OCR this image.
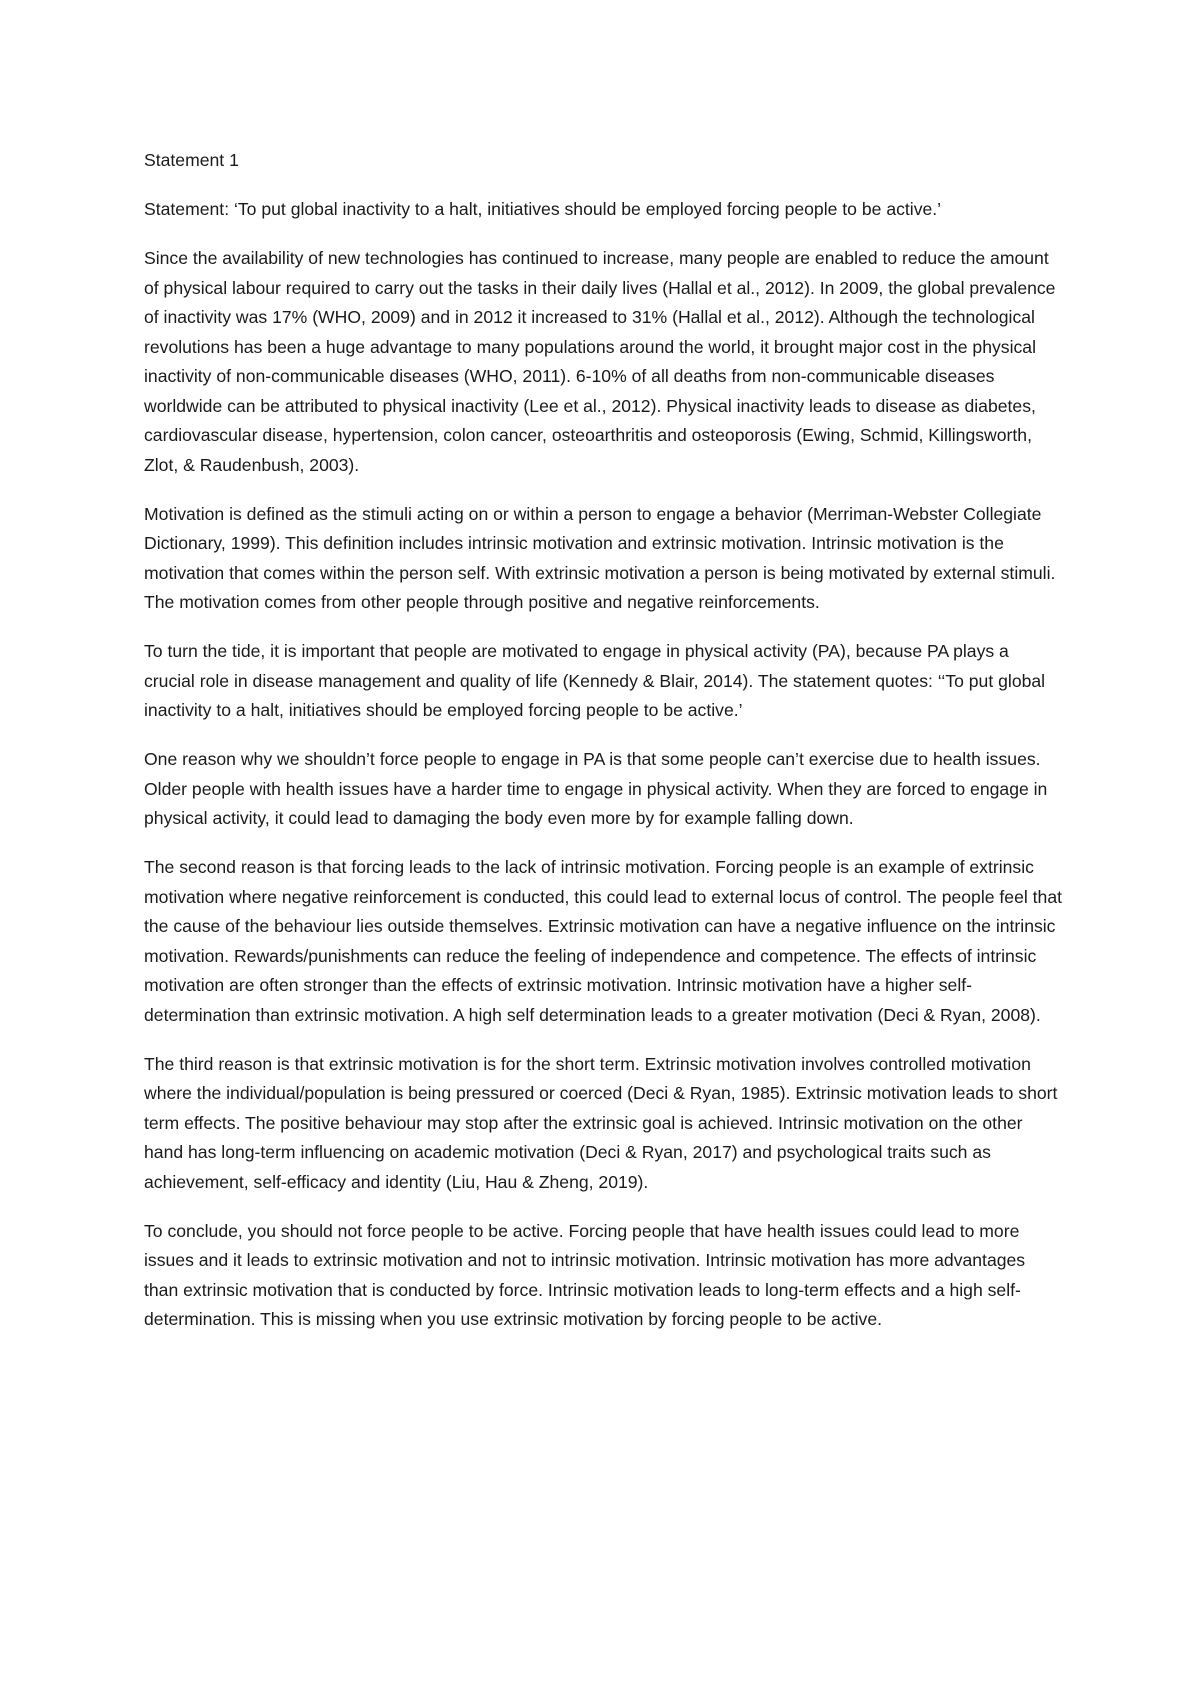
Statement 1

Statement: ‘To put global inactivity to a halt, initiatives should be employed forcing people to be active.’

Since the availability of new technologies has continued to increase, many people are enabled to reduce the amount of physical labour required to carry out the tasks in their daily lives (Hallal et al., 2012). In 2009, the global prevalence of inactivity was 17% (WHO, 2009) and in 2012 it increased to 31% (Hallal et al., 2012). Although the technological revolutions has been a huge advantage to many populations around the world, it brought major cost in the physical inactivity of non-communicable diseases (WHO, 2011). 6-10% of all deaths from non-communicable diseases worldwide can be attributed to physical inactivity (Lee et al., 2012). Physical inactivity leads to disease as diabetes, cardiovascular disease, hypertension, colon cancer, osteoarthritis and osteoporosis (Ewing, Schmid, Killingsworth, Zlot, & Raudenbush, 2003).

Motivation is defined as the stimuli acting on or within a person to engage a behavior (Merriman-Webster Collegiate Dictionary, 1999). This definition includes intrinsic motivation and extrinsic motivation. Intrinsic motivation is the motivation that comes within the person self. With extrinsic motivation a person is being motivated by external stimuli. The motivation comes from other people through positive and negative reinforcements.

To turn the tide, it is important that people are motivated to engage in physical activity (PA), because PA plays a crucial role in disease management and quality of life (Kennedy & Blair, 2014). The statement quotes: ‘‘To put global inactivity to a halt, initiatives should be employed forcing people to be active.’

One reason why we shouldn’t force people to engage in PA is that some people can’t exercise due to health issues. Older people with health issues have a harder time to engage in physical activity. When they are forced to engage in physical activity, it could lead to damaging the body even more by for example falling down.

The second reason is that forcing leads to the lack of intrinsic motivation. Forcing people is an example of extrinsic motivation where negative reinforcement is conducted, this could lead to external locus of control. The people feel that the cause of the behaviour lies outside themselves. Extrinsic motivation can have a negative influence on the intrinsic motivation. Rewards/punishments can reduce the feeling of independence and competence. The effects of intrinsic motivation are often stronger than the effects of extrinsic motivation. Intrinsic motivation have a higher self-determination than extrinsic motivation. A high self determination leads to a greater motivation (Deci & Ryan, 2008).

The third reason is that extrinsic motivation is for the short term. Extrinsic motivation involves controlled motivation where the individual/population is being pressured or coerced (Deci & Ryan, 1985). Extrinsic motivation leads to short term effects. The positive behaviour may stop after the extrinsic goal is achieved. Intrinsic motivation on the other hand has long-term influencing on academic motivation (Deci & Ryan, 2017) and psychological traits such as achievement, self-efficacy and identity (Liu, Hau & Zheng, 2019).

To conclude, you should not force people to be active. Forcing people that have health issues could lead to more issues and it leads to extrinsic motivation and not to intrinsic motivation. Intrinsic motivation has more advantages than extrinsic motivation that is conducted by force. Intrinsic motivation leads to long-term effects and a high self-determination. This is missing when you use extrinsic motivation by forcing people to be active.
